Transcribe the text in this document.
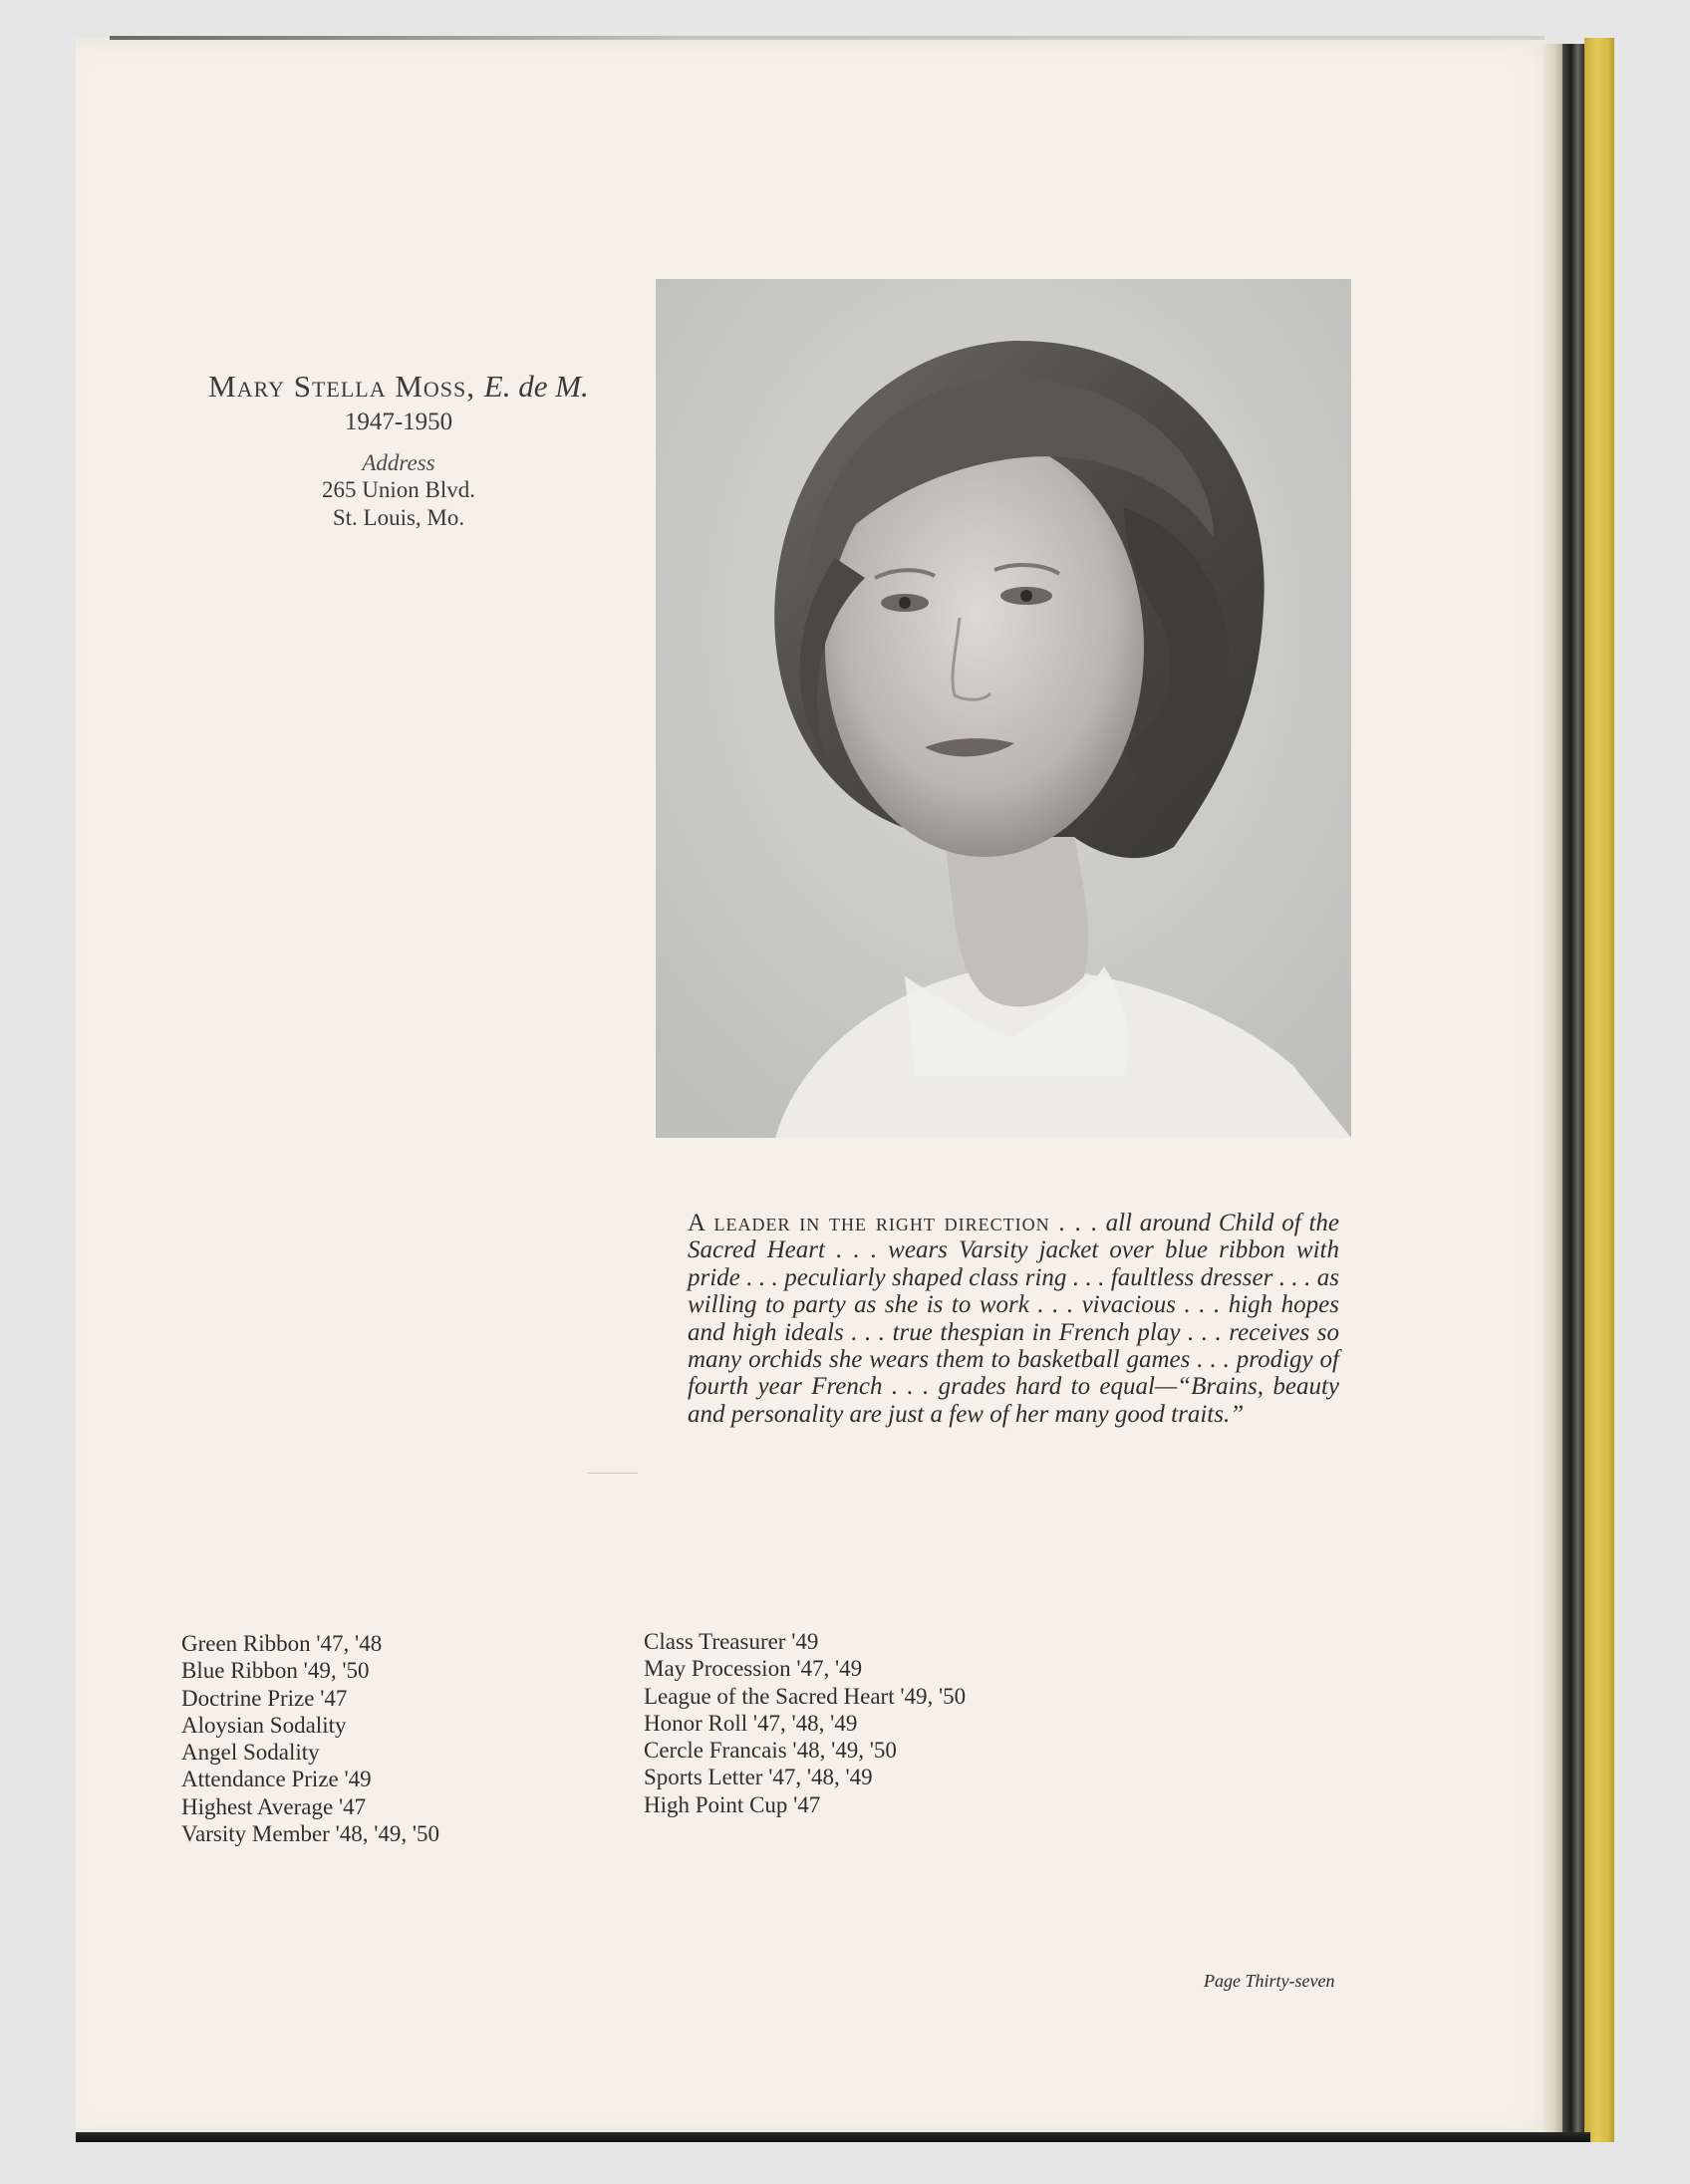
Mary Stella Moss, E. de M.
1947-1950
Address
265 Union Blvd.
St. Louis, Mo.
A leader in the right direction . . . all around Child of the Sacred Heart . . . wears Varsity jacket over blue ribbon with pride . . . peculiarly shaped class ring . . . faultless dresser . . . as willing to party as she is to work . . . vivacious . . . high hopes and high ideals . . . true thespian in French play . . . receives so many orchids she wears them to basketball games . . . prodigy of fourth year French . . . grades hard to equal—“Brains, beauty and personality are just a few of her many good traits.”
Green Ribbon '47, '48
Blue Ribbon '49, '50
Doctrine Prize '47
Aloysian Sodality
Angel Sodality
Attendance Prize '49
Highest Average '47
Varsity Member '48, '49, '50
Class Treasurer '49
May Procession '47, '49
League of the Sacred Heart '49, '50
Honor Roll '47, '48, '49
Cercle Francais '48, '49, '50
Sports Letter '47, '48, '49
High Point Cup '47
Page Thirty-seven
